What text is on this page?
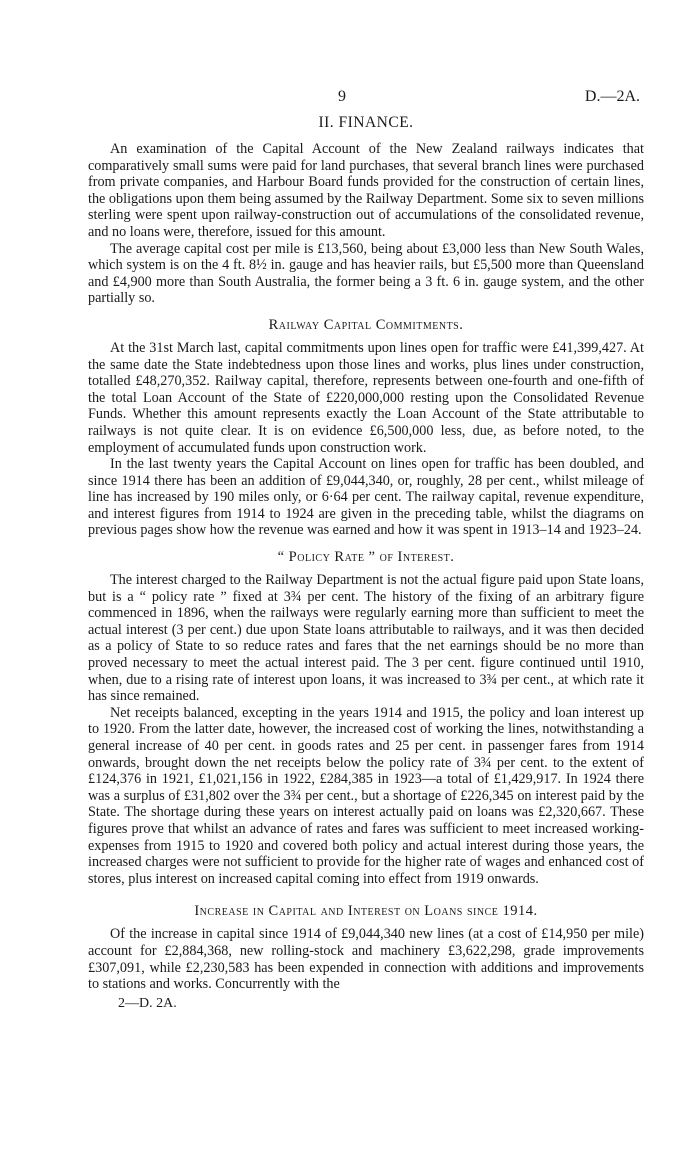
9	D.—2A.
II. FINANCE.

An examination of the Capital Account of the New Zealand railways indicates that comparatively small sums were paid for land purchases, that several branch lines were purchased from private companies, and Harbour Board funds provided for the construction of certain lines, the obligations upon them being assumed by the Railway Department. Some six to seven millions sterling were spent upon railway-construction out of accumulations of the consolidated revenue, and no loans were, therefore, issued for this amount.

The average capital cost per mile is £13,560, being about £3,000 less than New South Wales, which system is on the 4 ft. 8½ in. gauge and has heavier rails, but £5,500 more than Queensland and £4,900 more than South Australia, the former being a 3 ft. 6 in. gauge system, and the other partially so.

Railway Capital Commitments.

At the 31st March last, capital commitments upon lines open for traffic were £41,399,427. At the same date the State indebtedness upon those lines and works, plus lines under construction, totalled £48,270,352. Railway capital, therefore, represents between one-fourth and one-fifth of the total Loan Account of the State of £220,000,000 resting upon the Consolidated Revenue Funds. Whether this amount represents exactly the Loan Account of the State attributable to railways is not quite clear. It is on evidence £6,500,000 less, due, as before noted, to the employment of accumulated funds upon construction work.

In the last twenty years the Capital Account on lines open for traffic has been doubled, and since 1914 there has been an addition of £9,044,340, or, roughly, 28 per cent., whilst mileage of line has increased by 190 miles only, or 6·64 per cent. The railway capital, revenue expenditure, and interest figures from 1914 to 1924 are given in the preceding table, whilst the diagrams on previous pages show how the revenue was earned and how it was spent in 1913–14 and 1923–24.

“ Policy Rate ” of Interest.

The interest charged to the Railway Department is not the actual figure paid upon State loans, but is a “ policy rate ” fixed at 3¾ per cent. The history of the fixing of an arbitrary figure commenced in 1896, when the railways were regularly earning more than sufficient to meet the actual interest (3 per cent.) due upon State loans attributable to railways, and it was then decided as a policy of State to so reduce rates and fares that the net earnings should be no more than proved necessary to meet the actual interest paid. The 3 per cent. figure continued until 1910, when, due to a rising rate of interest upon loans, it was increased to 3¾ per cent., at which rate it has since remained.

Net receipts balanced, excepting in the years 1914 and 1915, the policy and loan interest up to 1920. From the latter date, however, the increased cost of working the lines, notwithstanding a general increase of 40 per cent. in goods rates and 25 per cent. in passenger fares from 1914 onwards, brought down the net receipts below the policy rate of 3¾ per cent. to the extent of £124,376 in 1921, £1,021,156 in 1922, £284,385 in 1923—a total of £1,429,917. In 1924 there was a surplus of £31,802 over the 3¾ per cent., but a shortage of £226,345 on interest paid by the State. The shortage during these years on interest actually paid on loans was £2,320,667. These figures prove that whilst an advance of rates and fares was sufficient to meet increased working-expenses from 1915 to 1920 and covered both policy and actual interest during those years, the increased charges were not sufficient to provide for the higher rate of wages and enhanced cost of stores, plus interest on increased capital coming into effect from 1919 onwards.

Increase in Capital and Interest on Loans since 1914.

Of the increase in capital since 1914 of £9,044,340 new lines (at a cost of £14,950 per mile) account for £2,884,368, new rolling-stock and machinery £3,622,298, grade improvements £307,091, while £2,230,583 has been expended in connection with additions and improvements to stations and works. Concurrently with the

2—D. 2A.
